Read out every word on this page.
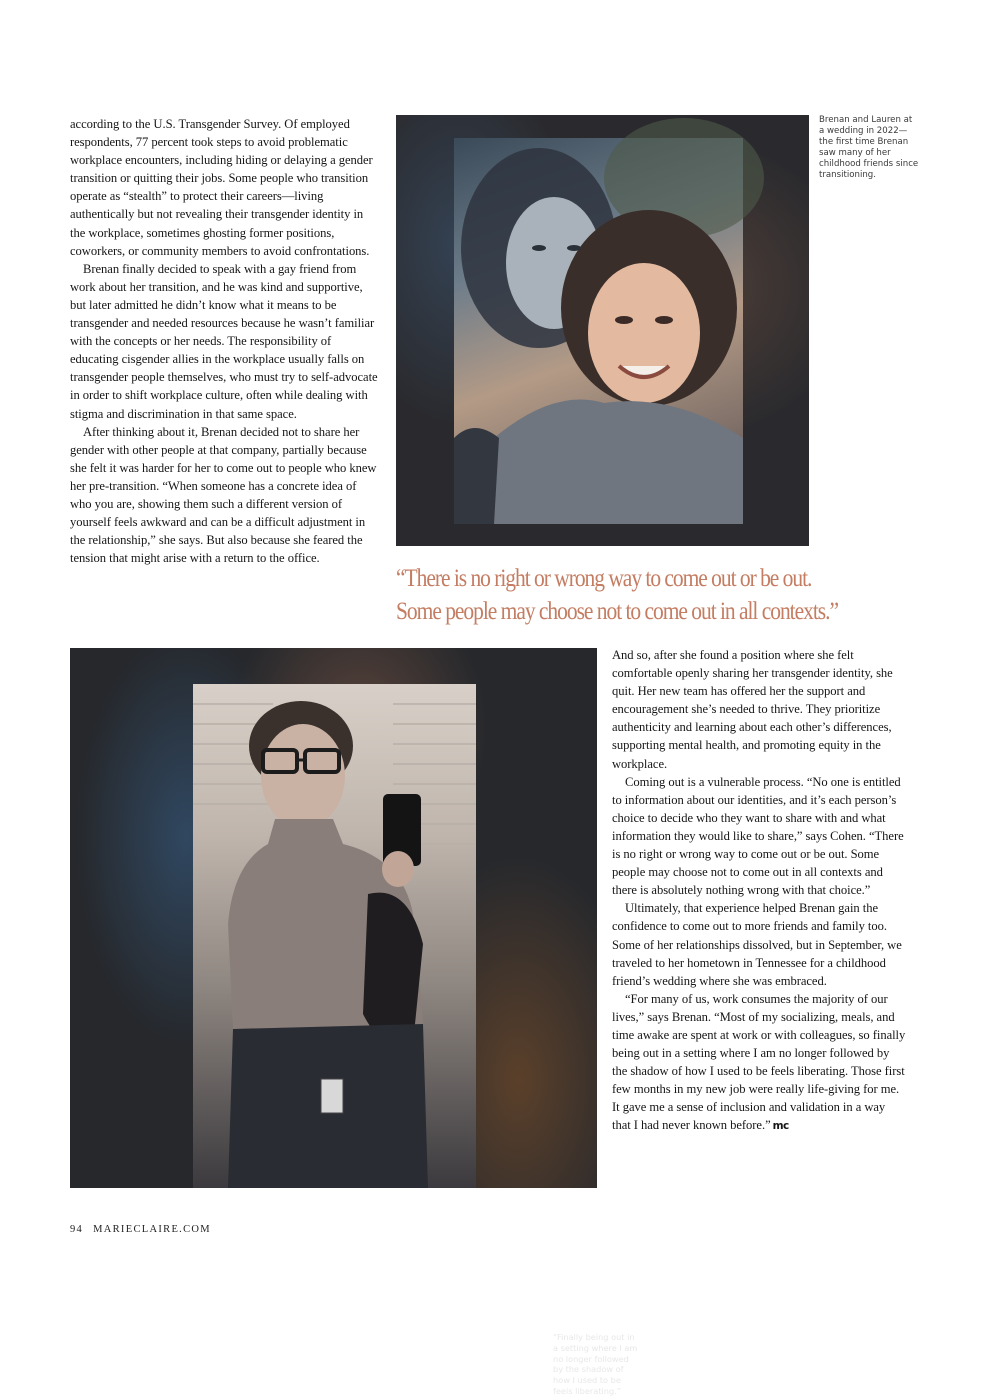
according to the U.S. Transgender Survey. Of employed respondents, 77 percent took steps to avoid problematic workplace encounters, including hiding or delaying a gender transition or quitting their jobs. Some people who transition operate as “stealth” to protect their careers—living authentically but not revealing their transgender identity in the workplace, sometimes ghosting former positions, coworkers, or community members to avoid confrontations.

Brenan finally decided to speak with a gay friend from work about her transition, and he was kind and supportive, but later admitted he didn’t know what it means to be transgender and needed resources because he wasn’t familiar with the concepts or her needs. The responsibility of educating cisgender allies in the workplace usually falls on transgender people themselves, who must try to self-advocate in order to shift workplace culture, often while dealing with stigma and discrimination in that same space.

After thinking about it, Brenan decided not to share her gender with other people at that company, partially because she felt it was harder for her to come out to people who knew her pre-transition. “When someone has a concrete idea of who you are, showing them such a different version of yourself feels awkward and can be a difficult adjustment in the relationship,” she says. But also because she feared the tension that might arise with a return to the office.

Brenan and Lauren at a wedding in 2022—the first time Brenan saw many of her childhood friends since transitioning.
“There is no right or wrong way to come out or be out.
Some people may choose not to come out in all contexts.”
“Finally being out in a setting where I am no longer followed by the shadow of how I used to be feels liberating.”

And so, after she found a position where she felt comfortable openly sharing her transgender identity, she quit. Her new team has offered her the support and encouragement she’s needed to thrive. They prioritize authenticity and learning about each other’s differences, supporting mental health, and promoting equity in the workplace.

Coming out is a vulnerable process. “No one is entitled to information about our identities, and it’s each person’s choice to decide who they want to share with and what information they would like to share,” says Cohen. “There is no right or wrong way to come out or be out. Some people may choose not to come out in all contexts and there is absolutely nothing wrong with that choice.”

Ultimately, that experience helped Brenan gain the confidence to come out to more friends and family too. Some of her relationships dissolved, but in September, we traveled to her hometown in Tennessee for a childhood friend’s wedding where she was embraced.

“For many of us, work consumes the majority of our lives,” says Brenan. “Most of my socializing, meals, and time awake are spent at work or with colleagues, so finally being out in a setting where I am no longer followed by the shadow of how I used to be feels liberating. Those first few months in my new job were really life-giving for me. It gave me a sense of inclusion and validation in a way that I had never known before.” mc

94 MARIECLAIRE.COM
